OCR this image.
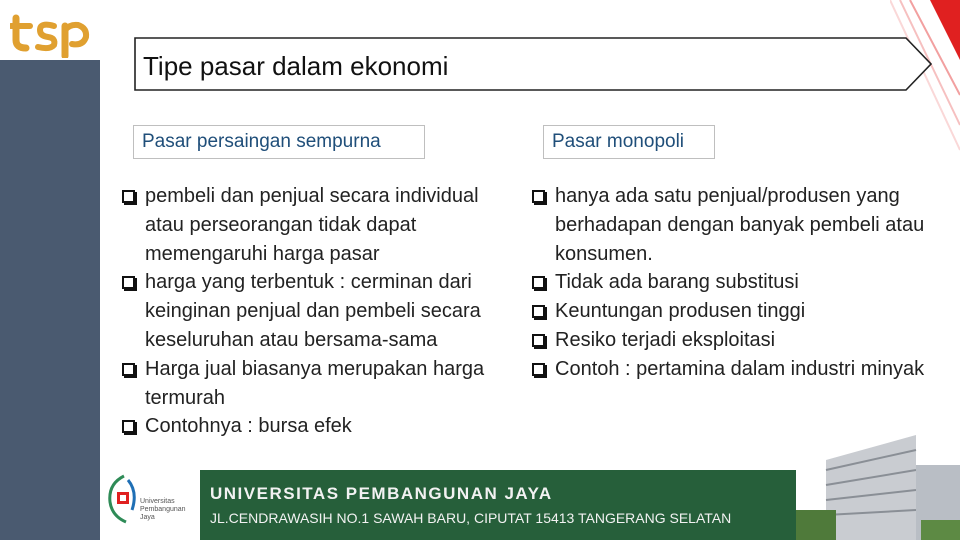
Tipe pasar dalam ekonomi
Pasar persaingan sempurna	Pasar monopoli
pembeli dan penjual secara individual atau perseorangan tidak dapat memengaruhi harga pasar
harga yang terbentuk : cerminan dari keinginan penjual dan pembeli secara keseluruhan atau bersama-sama
Harga jual biasanya merupakan harga termurah
Contohnya : bursa efek
hanya ada satu penjual/produsen yang berhadapan dengan banyak pembeli atau konsumen.
Tidak ada barang substitusi
Keuntungan produsen tinggi
Resiko terjadi eksploitasi
Contoh : pertamina dalam industri minyak
Universitas Pembangunan Jaya
UNIVERSITAS PEMBANGUNAN JAYA
JL.CENDRAWASIH NO.1 SAWAH BARU, CIPUTAT 15413 TANGERANG SELATAN
